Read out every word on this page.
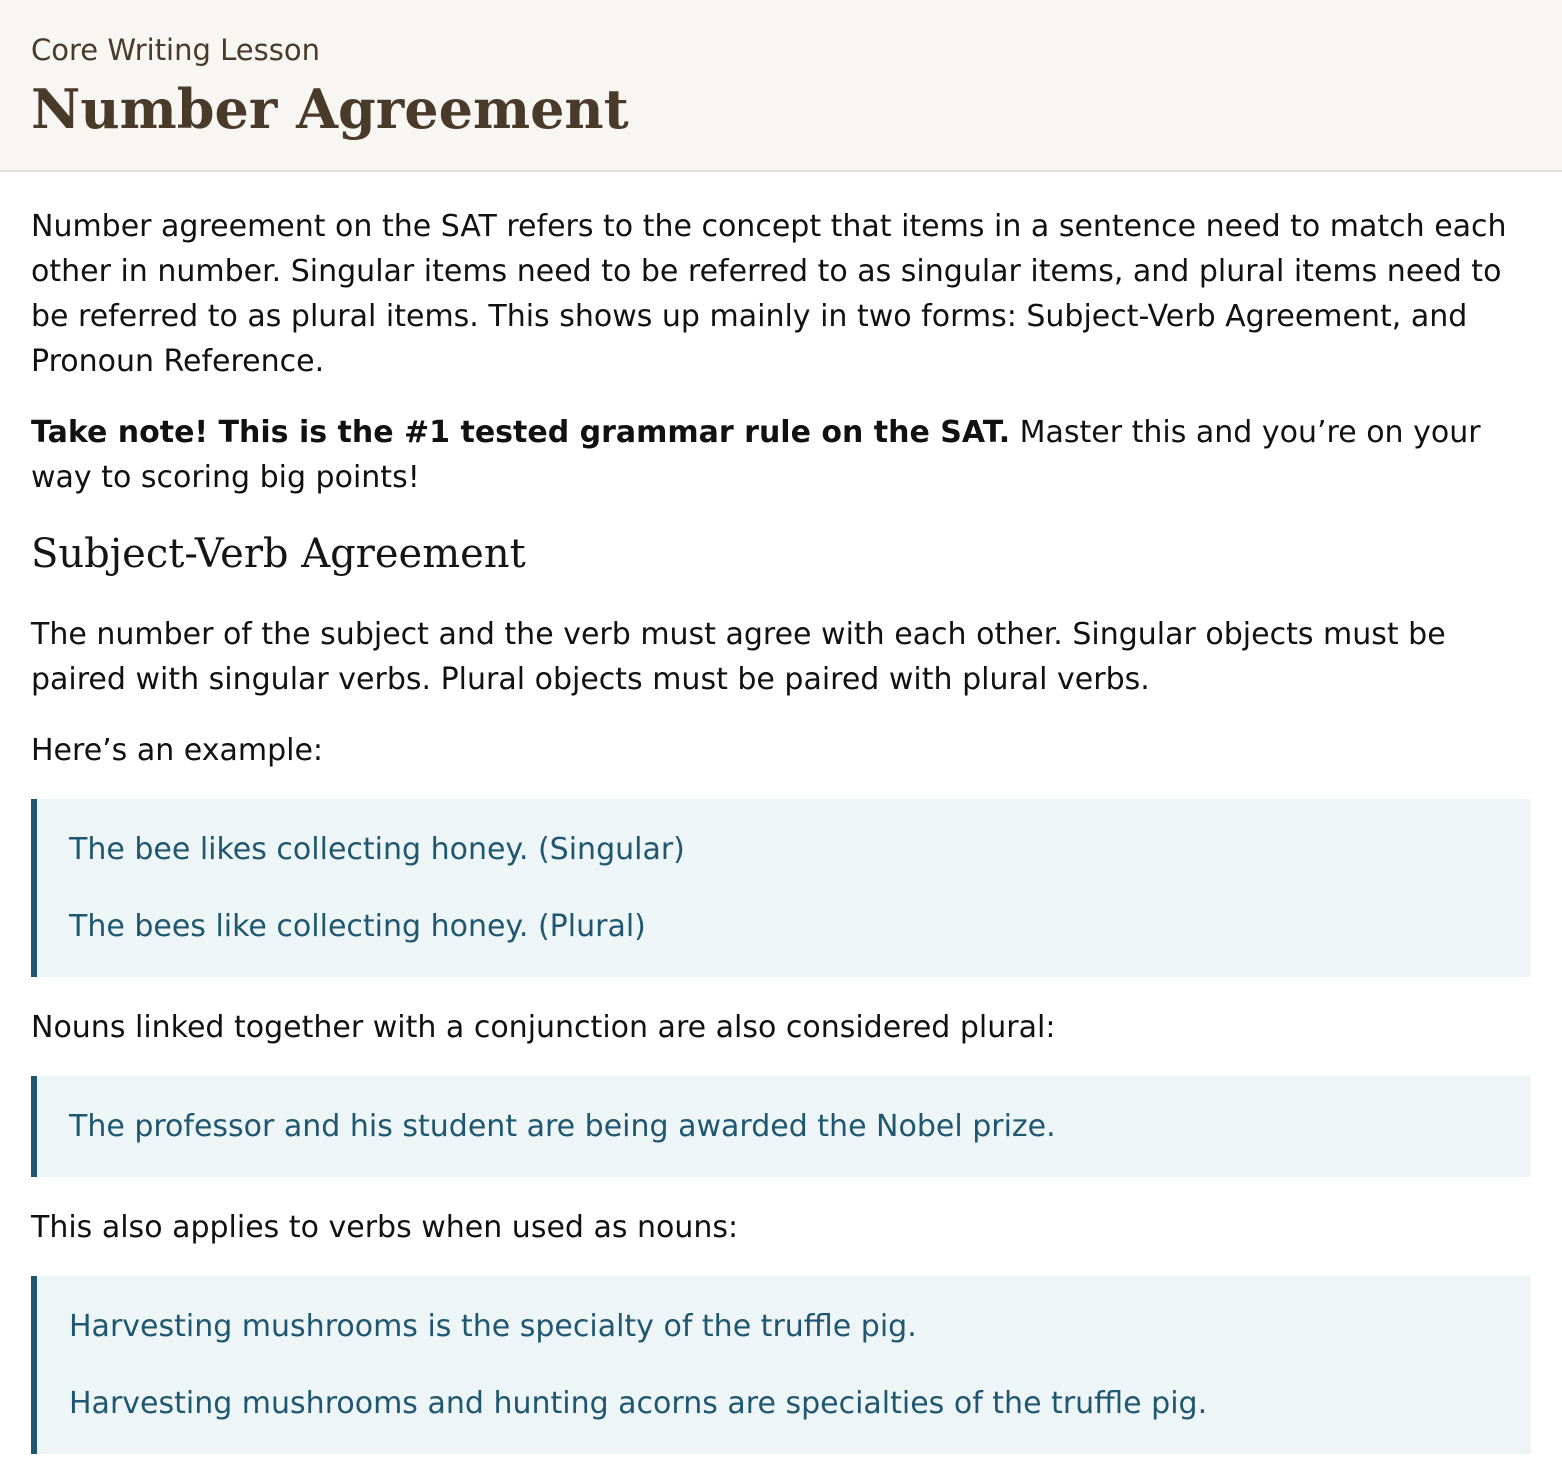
Core Writing Lesson
Number Agreement

Number agreement on the SAT refers to the concept that items in a sentence need to match each other in number. Singular items need to be referred to as singular items, and plural items need to be referred to as plural items. This shows up mainly in two forms: Subject-Verb Agreement, and Pronoun Reference.

Take note! This is the #1 tested grammar rule on the SAT. Master this and you’re on your way to scoring big points!

Subject-Verb Agreement

The number of the subject and the verb must agree with each other. Singular objects must be paired with singular verbs. Plural objects must be paired with plural verbs.

Here’s an example:

The bee likes collecting honey. (Singular)

The bees like collecting honey. (Plural)

Nouns linked together with a conjunction are also considered plural:

The professor and his student are being awarded the Nobel prize.

This also applies to verbs when used as nouns:

Harvesting mushrooms is the specialty of the truffle pig.

Harvesting mushrooms and hunting acorns are specialties of the truffle pig.
